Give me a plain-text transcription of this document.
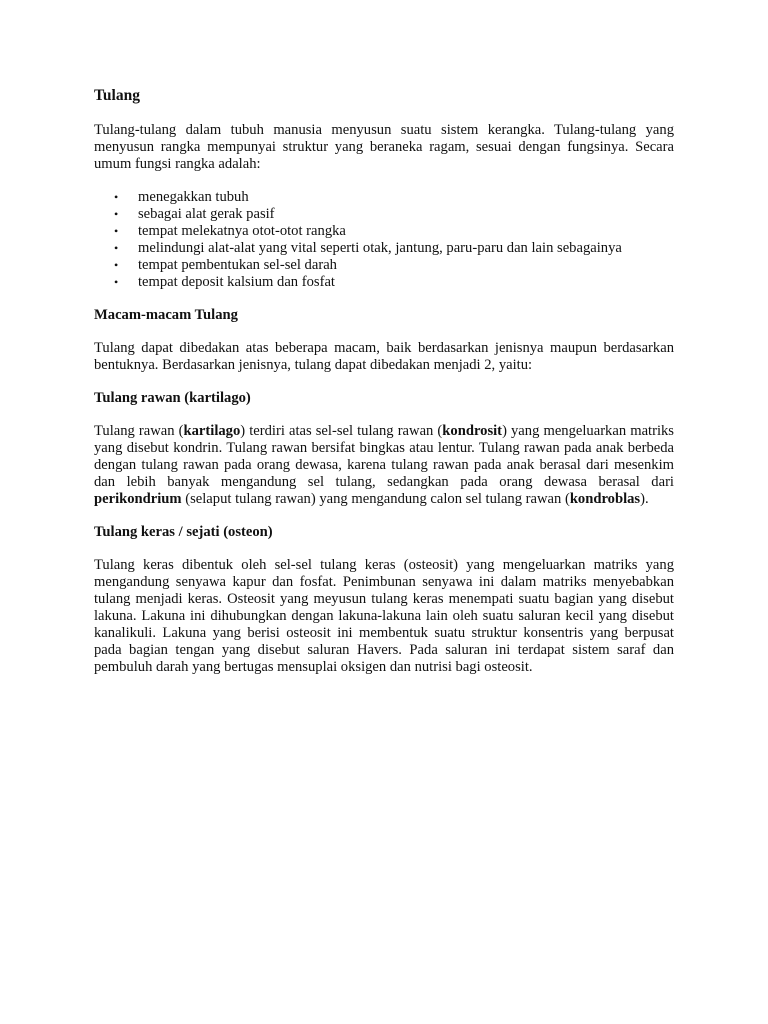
Tulang

Tulang-tulang dalam tubuh manusia menyusun suatu sistem kerangka. Tulang-tulang yang menyusun rangka mempunyai struktur yang beraneka ragam, sesuai dengan fungsinya. Secara umum fungsi rangka adalah:

• menegakkan tubuh
• sebagai alat gerak pasif
• tempat melekatnya otot-otot rangka
• melindungi alat-alat yang vital seperti otak, jantung, paru-paru dan lain sebagainya
• tempat pembentukan sel-sel darah
• tempat deposit kalsium dan fosfat
Macam-macam Tulang

Tulang dapat dibedakan atas beberapa macam, baik berdasarkan jenisnya maupun berdasarkan bentuknya. Berdasarkan jenisnya, tulang dapat dibedakan menjadi 2, yaitu:

Tulang rawan (kartilago)

Tulang rawan (kartilago) terdiri atas sel-sel tulang rawan (kondrosit) yang mengeluarkan matriks yang disebut kondrin. Tulang rawan bersifat bingkas atau lentur. Tulang rawan pada anak berbeda dengan tulang rawan pada orang dewasa, karena tulang rawan pada anak berasal dari mesenkim dan lebih banyak mengandung sel tulang, sedangkan pada orang dewasa berasal dari perikondrium (selaput tulang rawan) yang mengandung calon sel tulang rawan (kondroblas).

Tulang keras / sejati (osteon)

Tulang keras dibentuk oleh sel-sel tulang keras (osteosit) yang mengeluarkan matriks yang mengandung senyawa kapur dan fosfat. Penimbunan senyawa ini dalam matriks menyebabkan tulang menjadi keras. Osteosit yang meyusun tulang keras menempati suatu bagian yang disebut lakuna. Lakuna ini dihubungkan dengan lakuna-lakuna lain oleh suatu saluran kecil yang disebut kanalikuli. Lakuna yang berisi osteosit ini membentuk suatu struktur konsentris yang berpusat pada bagian tengan yang disebut saluran Havers. Pada saluran ini terdapat sistem saraf dan pembuluh darah yang bertugas mensuplai oksigen dan nutrisi bagi osteosit.
